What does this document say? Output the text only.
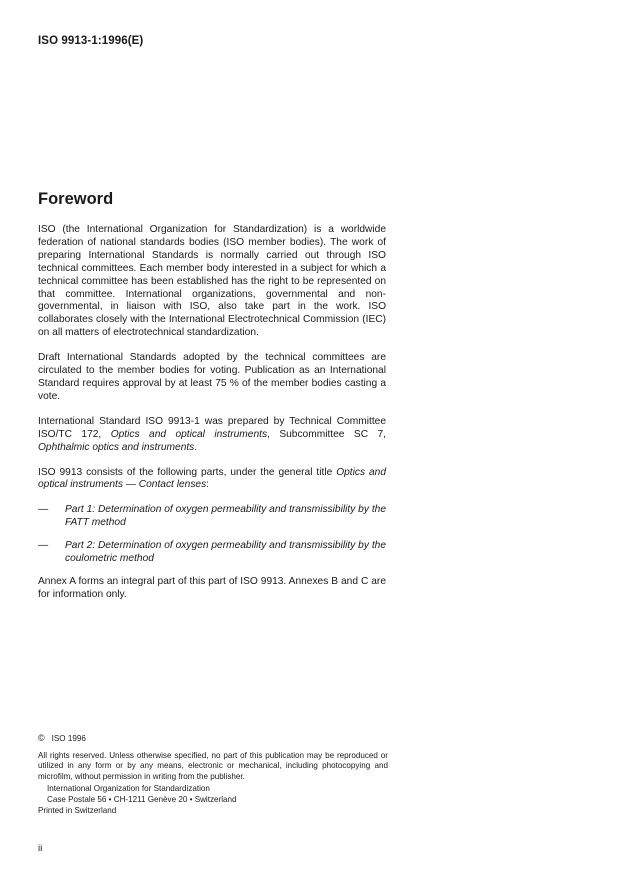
ISO 9913-1:1996(E)
Foreword

ISO (the International Organization for Standardization) is a worldwide federation of national standards bodies (ISO member bodies). The work of preparing International Standards is normally carried out through ISO technical committees. Each member body interested in a subject for which a technical committee has been established has the right to be represented on that committee. International organizations, governmental and non-governmental, in liaison with ISO, also take part in the work. ISO collaborates closely with the International Electrotechnical Commission (IEC) on all matters of electrotechnical standardization.

Draft International Standards adopted by the technical committees are circulated to the member bodies for voting. Publication as an International Standard requires approval by at least 75 % of the member bodies casting a vote.

International Standard ISO 9913-1 was prepared by Technical Committee ISO/TC 172, Optics and optical instruments, Subcommittee SC 7, Ophthalmic optics and instruments.

ISO 9913 consists of the following parts, under the general title Optics and optical instruments — Contact lenses:

—	Part 1: Determination of oxygen permeability and transmissibility by the FATT method
—	Part 2: Determination of oxygen permeability and transmissibility by the coulometric method

Annex A forms an integral part of this part of ISO 9913. Annexes B and C are for information only.

© ISO 1996

All rights reserved. Unless otherwise specified, no part of this publication may be reproduced or utilized in any form or by any means, electronic or mechanical, including photocopying and microfilm, without permission in writing from the publisher.

International Organization for Standardization

Case Postale 56 • CH-1211 Genève 20 • Switzerland

Printed in Switzerland

ii
